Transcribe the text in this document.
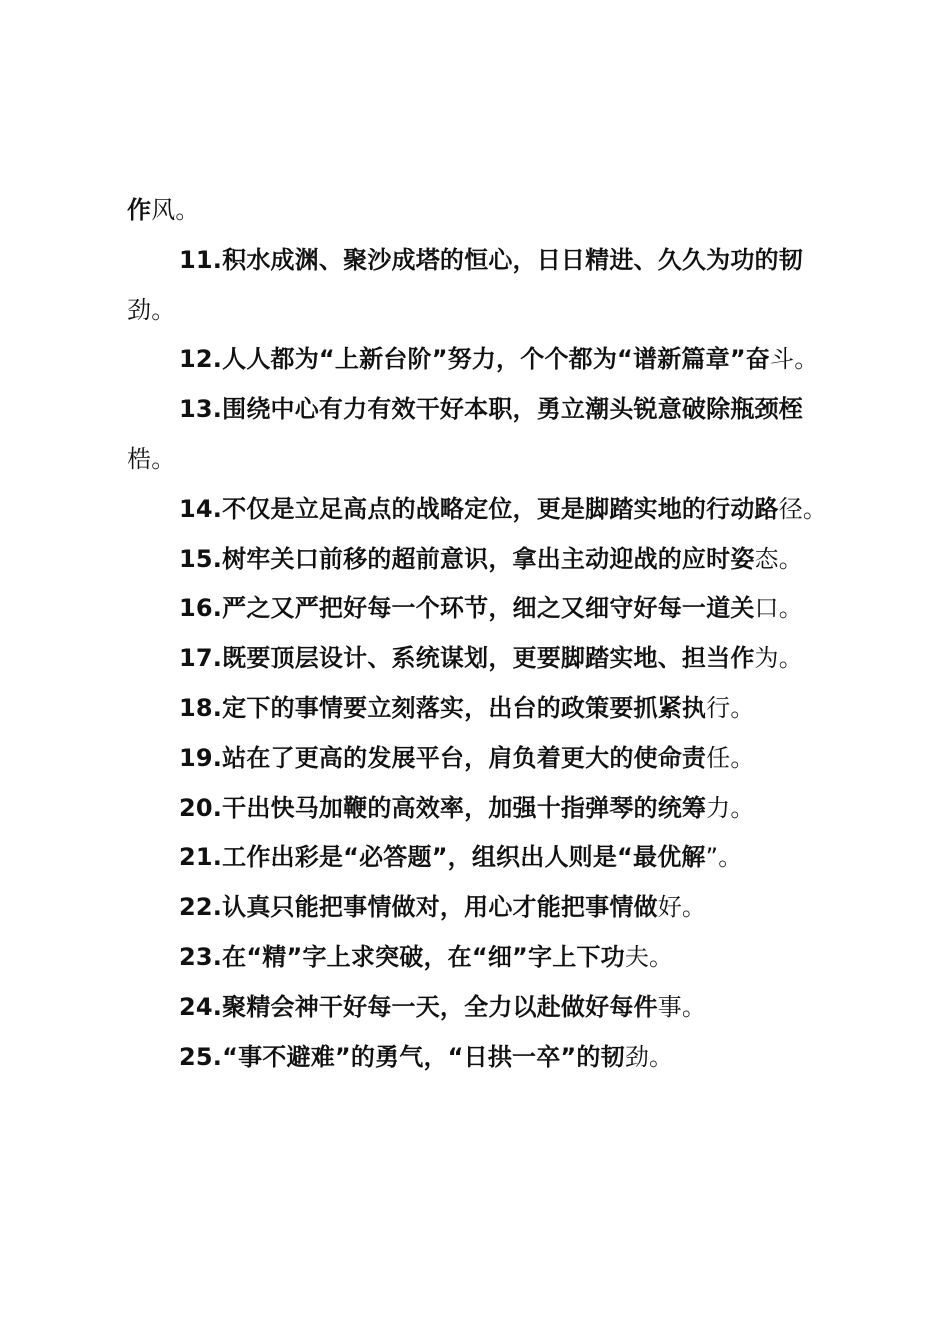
作风。

11.积水成渊、聚沙成塔的恒心，日日精进、久久为功的韧劲。

12.人人都为“上新台阶”努力，个个都为“谱新篇章”奋斗。

13.围绕中心有力有效干好本职，勇立潮头锐意破除瓶颈桎梏。

14.不仅是立足高点的战略定位，更是脚踏实地的行动路径。

15.树牢关口前移的超前意识，拿出主动迎战的应时姿态。

16.严之又严把好每一个环节，细之又细守好每一道关口。

17.既要顶层设计、系统谋划，更要脚踏实地、担当作为。

18.定下的事情要立刻落实，出台的政策要抓紧执行。

19.站在了更高的发展平台，肩负着更大的使命责任。

20.干出快马加鞭的高效率，加强十指弹琴的统筹力。

21.工作出彩是“必答题”，组织出人则是“最优解”。

22.认真只能把事情做对，用心才能把事情做好。

23.在“精”字上求突破，在“细”字上下功夫。

24.聚精会神干好每一天，全力以赴做好每件事。

25.“事不避难”的勇气，“日拱一卒”的韧劲。
